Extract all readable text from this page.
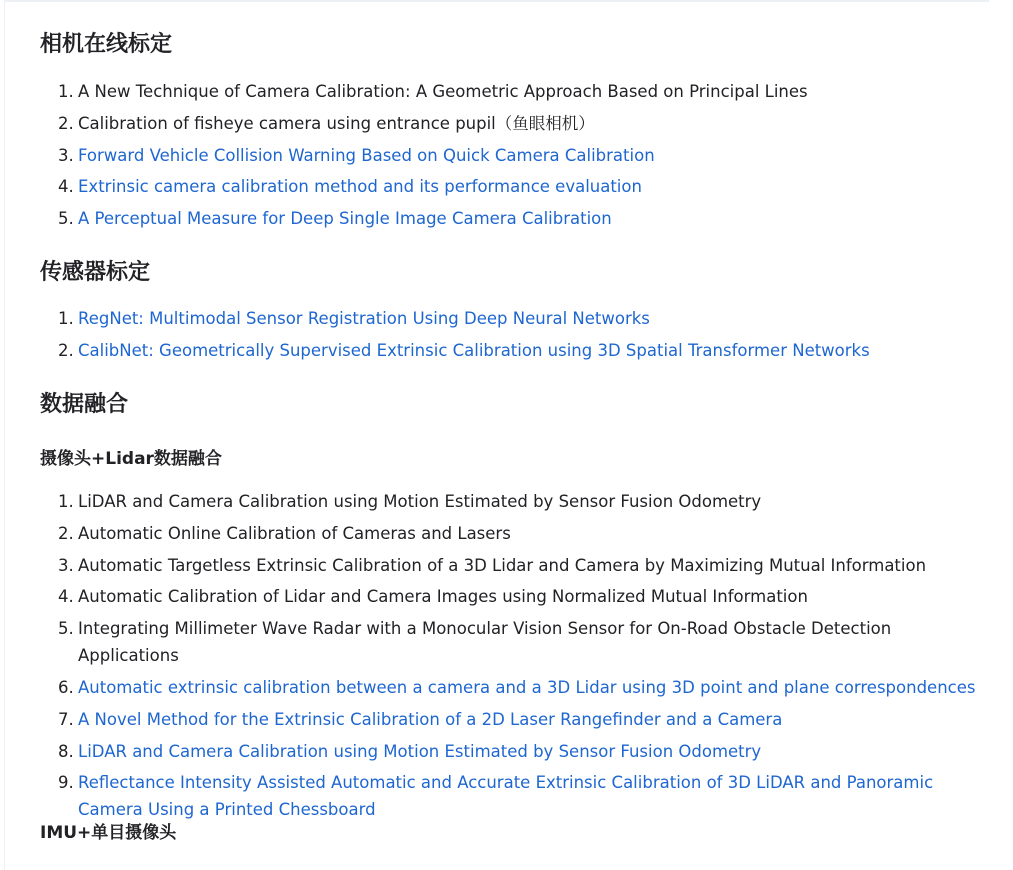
相机在线标定
1. A New Technique of Camera Calibration: A Geometric Approach Based on Principal Lines
2. Calibration of fisheye camera using entrance pupil（鱼眼相机）
3. Forward Vehicle Collision Warning Based on Quick Camera Calibration
4. Extrinsic camera calibration method and its performance evaluation
5. A Perceptual Measure for Deep Single Image Camera Calibration
传感器标定
1. RegNet: Multimodal Sensor Registration Using Deep Neural Networks
2. CalibNet: Geometrically Supervised Extrinsic Calibration using 3D Spatial Transformer Networks
数据融合
摄像头+Lidar数据融合
1. LiDAR and Camera Calibration using Motion Estimated by Sensor Fusion Odometry
2. Automatic Online Calibration of Cameras and Lasers
3. Automatic Targetless Extrinsic Calibration of a 3D Lidar and Camera by Maximizing Mutual Information
4. Automatic Calibration of Lidar and Camera Images using Normalized Mutual Information
5. Integrating Millimeter Wave Radar with a Monocular Vision Sensor for On-Road Obstacle Detection Applications
6. Automatic extrinsic calibration between a camera and a 3D Lidar using 3D point and plane correspondences
7. A Novel Method for the Extrinsic Calibration of a 2D Laser Rangefinder and a Camera
8. LiDAR and Camera Calibration using Motion Estimated by Sensor Fusion Odometry
9. Reflectance Intensity Assisted Automatic and Accurate Extrinsic Calibration of 3D LiDAR and Panoramic Camera Using a Printed Chessboard
IMU+单目摄像头
